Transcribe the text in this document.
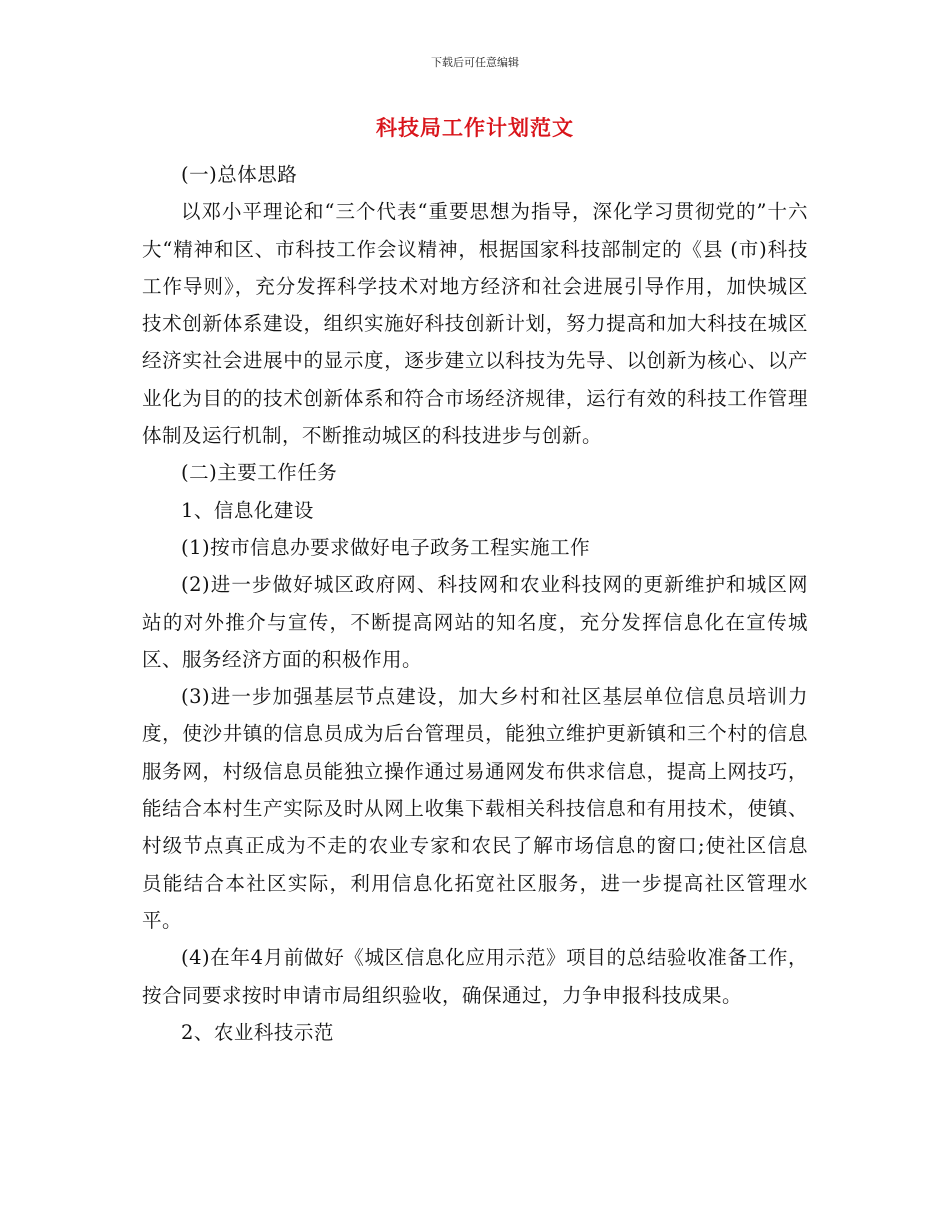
下载后可任意编辑
科技局工作计划范文

(一)总体思路

以邓小平理论和“三个代表“重要思想为指导，深化学习贯彻党的”十六大“精神和区、市科技工作会议精神，根据国家科技部制定的《县 (市)科技工作导则》，充分发挥科学技术对地方经济和社会进展引导作用，加快城区技术创新体系建设，组织实施好科技创新计划，努力提高和加大科技在城区经济实社会进展中的显示度，逐步建立以科技为先导、以创新为核心、以产业化为目的的技术创新体系和符合市场经济规律，运行有效的科技工作管理体制及运行机制，不断推动城区的科技进步与创新。

(二)主要工作任务

1、信息化建设

(1)按市信息办要求做好电子政务工程实施工作

(2)进一步做好城区政府网、科技网和农业科技网的更新维护和城区网站的对外推介与宣传，不断提高网站的知名度，充分发挥信息化在宣传城区、服务经济方面的积极作用。

(3)进一步加强基层节点建设，加大乡村和社区基层单位信息员培训力度，使沙井镇的信息员成为后台管理员，能独立维护更新镇和三个村的信息服务网，村级信息员能独立操作通过易通网发布供求信息，提高上网技巧，能结合本村生产实际及时从网上收集下载相关科技信息和有用技术，使镇、村级节点真正成为不走的农业专家和农民了解市场信息的窗口;使社区信息员能结合本社区实际，利用信息化拓宽社区服务，进一步提高社区管理水平。

(4)在年4月前做好《城区信息化应用示范》项目的总结验收准备工作，按合同要求按时申请市局组织验收，确保通过，力争申报科技成果。

2、农业科技示范
